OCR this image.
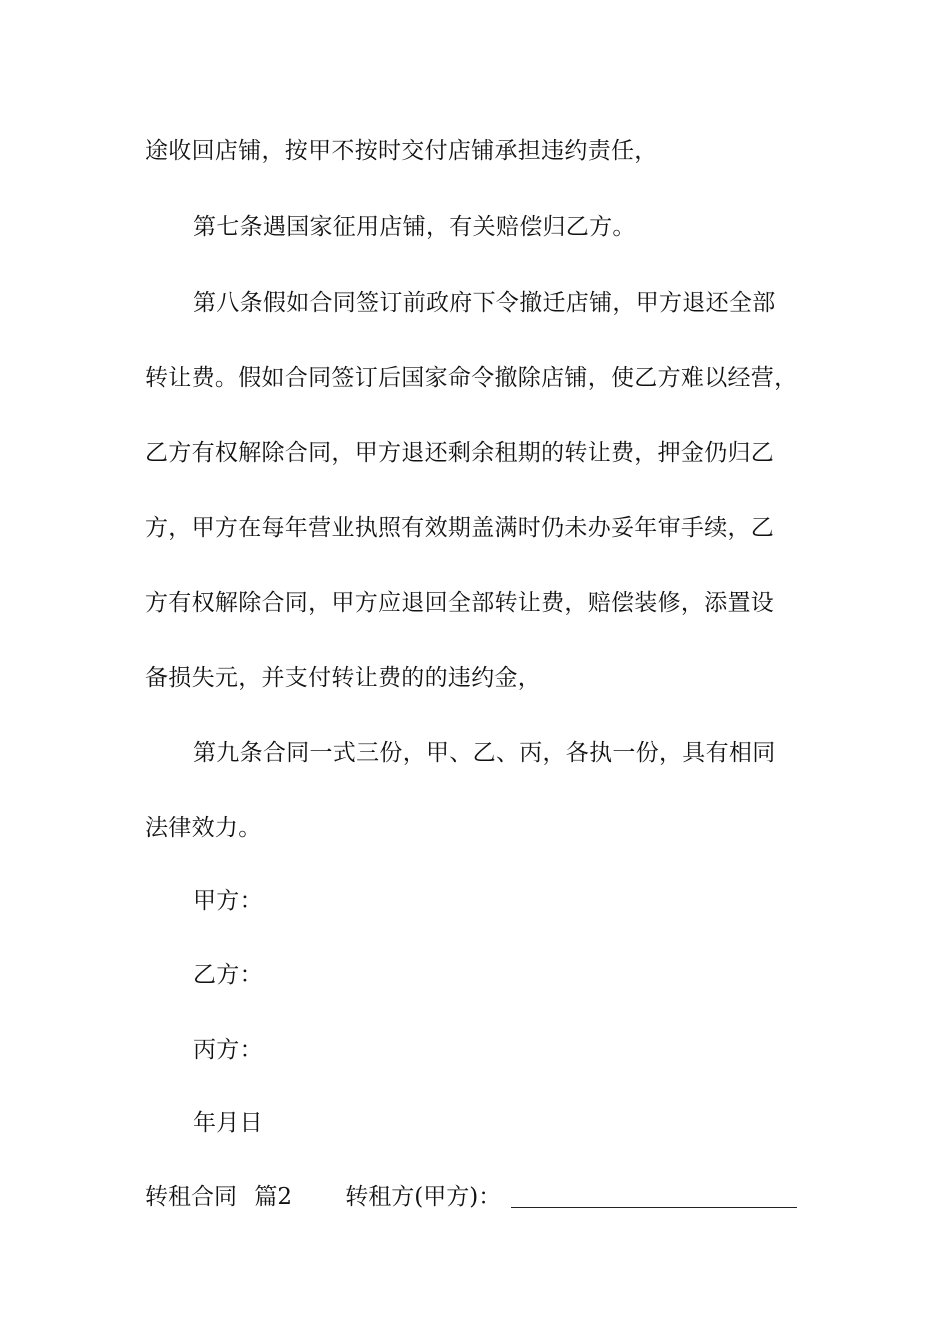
途收回店铺，按甲不按时交付店铺承担违约责任，
第七条遇国家征用店铺，有关赔偿归乙方。
第八条假如合同签订前政府下令撤迁店铺，甲方退还全部
转让费。假如合同签订后国家命令撤除店铺，使乙方难以经营，
乙方有权解除合同，甲方退还剩余租期的转让费，押金仍归乙
方，甲方在每年营业执照有效期盖满时仍未办妥年审手续，乙
方有权解除合同，甲方应退回全部转让费，赔偿装修，添置设
备损失元，并支付转让费的的违约金，
第九条合同一式三份，甲、乙、丙，各执一份，具有相同
法律效力。
甲方：
乙方：
丙方：
年月日
转租合同 篇2 转租方(甲方)：
